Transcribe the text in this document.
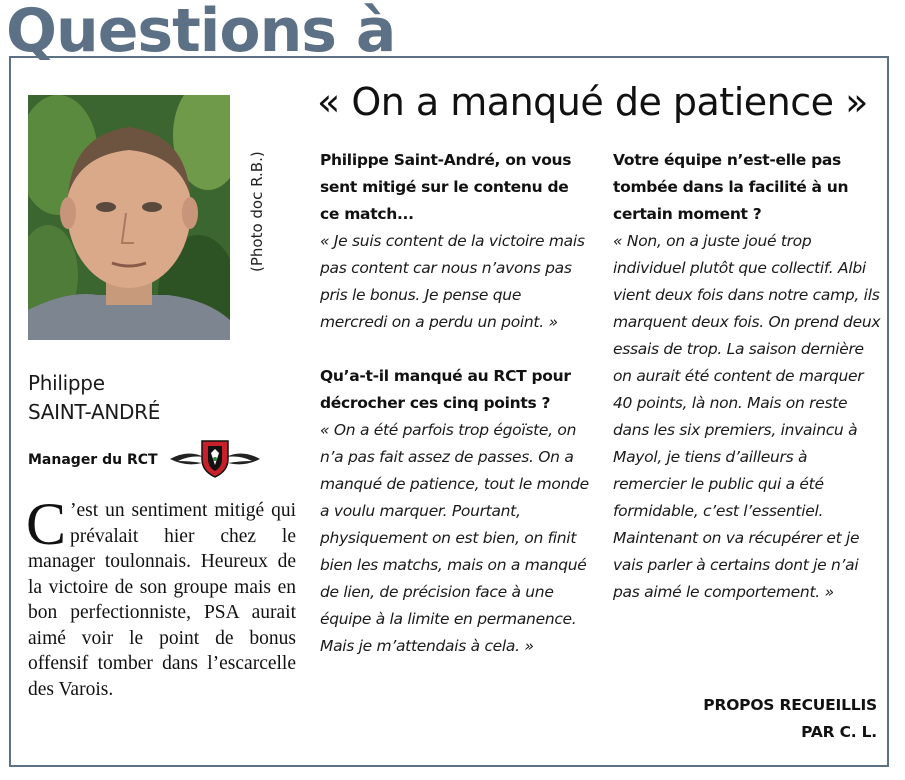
Questions à
(Photo doc R.B.)
Philippe
SAINT-ANDRÉ
Manager du RCT

C ’est un sentiment mitigé qui prévalait hier chez le manager toulonnais. Heureux de la victoire de son groupe mais en bon perfectionniste, PSA aurait aimé voir le point de bonus offensif tomber dans l’escarcelle des Varois.

« On a manqué de patience »

Philippe Saint-André, on vous sent mitigé sur le contenu de ce match...

« Je suis content de la victoire mais pas content car nous n’avons pas pris le bonus. Je pense que mercredi on a perdu un point. »

Qu’a-t-il manqué au RCT pour décrocher ces cinq points ?

« On a été parfois trop égoïste, on n’a pas fait assez de passes. On a manqué de patience, tout le monde a voulu marquer. Pourtant, physiquement on est bien, on finit bien les matchs, mais on a manqué de lien, de précision face à une équipe à la limite en permanence. Mais je m’attendais à cela. »

Votre équipe n’est-elle pas tombée dans la facilité à un certain moment ?

« Non, on a juste joué trop individuel plutôt que collectif. Albi vient deux fois dans notre camp, ils marquent deux fois. On prend deux essais de trop. La saison dernière on aurait été content de marquer 40 points, là non. Mais on reste dans les six premiers, invaincu à Mayol, je tiens d’ailleurs à remercier le public qui a été formidable, c’est l’essentiel. Maintenant on va récupérer et je vais parler à certains dont je n’ai pas aimé le comportement. »

PROPOS RECUEILLIS
PAR C. L.
